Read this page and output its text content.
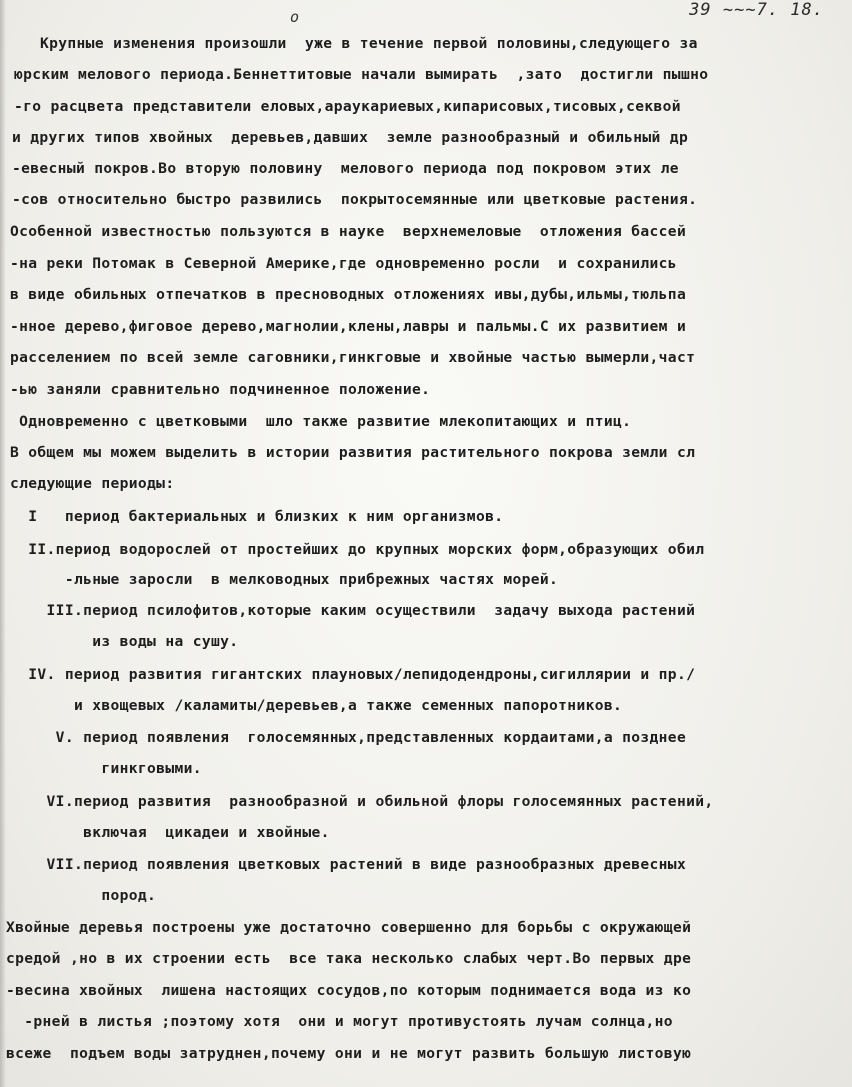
39 ~~~7. 18.
о
Крупные изменения произошли  уже в течение первой половины,следующего за
юрским мелового периода.Беннеттитовые начали вымирать  ,зато  достигли пышно
-го расцвета представители еловых,араукариевых,кипарисовых,тисовых,секвой
и других типов хвойных  деревьев,давших  земле разнообразный и обильный др
-евесный покров.Во вторую половину  мелового периода под покровом этих ле
-сов относительно быстро развились  покрытосемянные или цветковые растения.
Особенной известностью пользуются в науке  верхнемеловые  отложения бассей
-на реки Потомак в Северной Америке,где одновременно росли  и сохранились
в виде обильных отпечатков в пресноводных отложениях ивы,дубы,ильмы,тюльпа
-нное дерево,фиговое дерево,магнолии,клены,лавры и пальмы.С их развитием и
расселением по всей земле саговники,гинкговые и хвойные частью вымерли,част
-ью заняли сравнительно подчиненное положение.
Одновременно с цветковыми  шло также развитие млекопитающих и птиц.
В общем мы можем выделить в истории развития растительного покрова земли сл
следующие периоды:
I   период бактериальных и близких к ним организмов.
II.период водорослей от простейших до крупных морских форм,образующих обил
-льные заросли  в мелководных прибрежных частях морей.
III.период псилофитов,которые каким осуществили  задачу выхода растений
из воды на сушу.
IV. период развития гигантских плауновых/лепидодендроны,сигиллярии и пр./
и хвощевых /каламиты/деревьев,а также семенных папоротников.
V. период появления  голосемянных,представленных кордаитами,а позднее
гинкговыми.
VI.период развития  разнообразной и обильной флоры голосемянных растений,
включая  цикадеи и хвойные.
VII.период появления цветковых растений в виде разнообразных древесных
пород.
Хвойные деревья построены уже достаточно совершенно для борьбы с окружающей
средой ,но в их строении есть  все така несколько слабых черт.Во первых дре
-весина хвойных  лишена настоящих сосудов,по которым поднимается вода из ко
-рней в листья ;поэтому хотя  они и могут противустоять лучам солнца,но
всеже  подъем воды затруднен,почему они и не могут развить большую листовую
